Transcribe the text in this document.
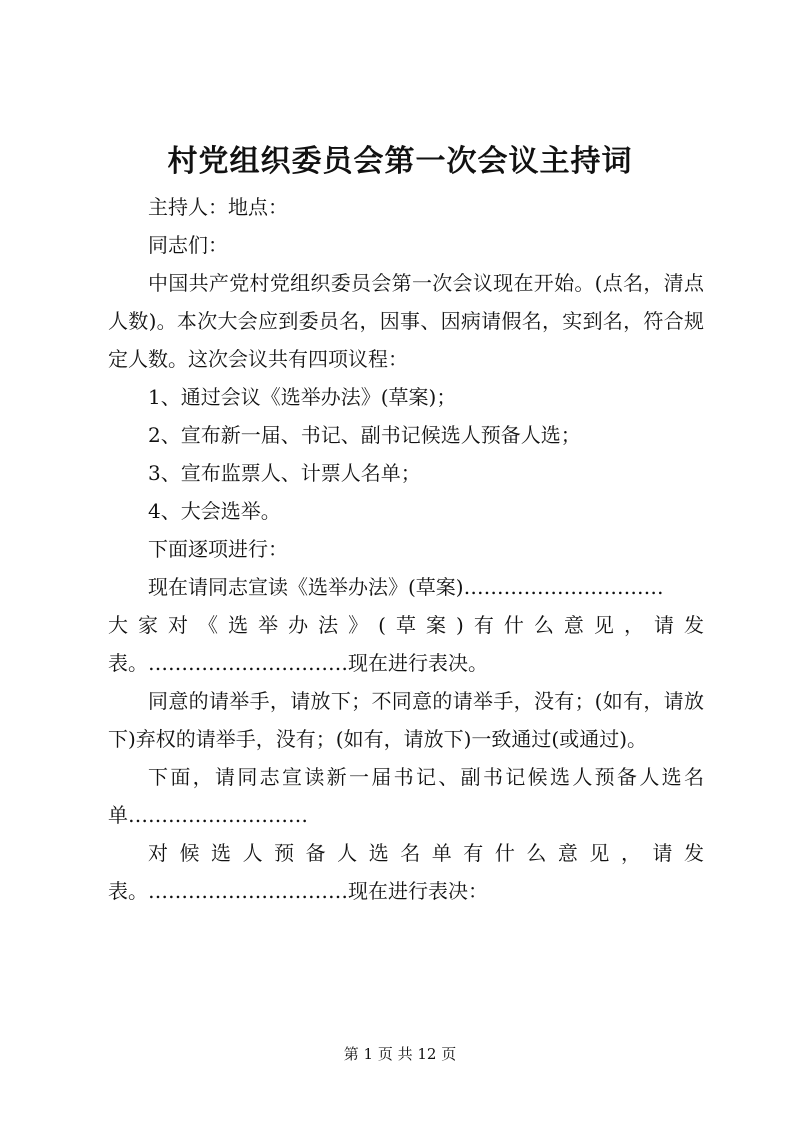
村党组织委员会第一次会议主持词

主持人：地点：

同志们：

中国共产党村党组织委员会第一次会议现在开始。(点名，清点人数)。本次大会应到委员名，因事、因病请假名，实到名，符合规定人数。这次会议共有四项议程：

1、通过会议《选举办法》(草案)；

2、宣布新一届、书记、副书记候选人预备人选；

3、宣布监票人、计票人名单；

4、大会选举。

下面逐项进行：

现在请同志宣读《选举办法》(草案)…………………………

大家对《选举办法》(草案)有什么意见，请发

表。…………………………现在进行表决。

同意的请举手，请放下；不同意的请举手，没有；(如有，请放下)弃权的请举手，没有；(如有，请放下)一致通过(或通过)。

下面，请同志宣读新一届书记、副书记候选人预备人选名单………………………

对候选人预备人选名单有什么意见，请发

表。…………………………现在进行表决：

第 1 页 共 12 页
